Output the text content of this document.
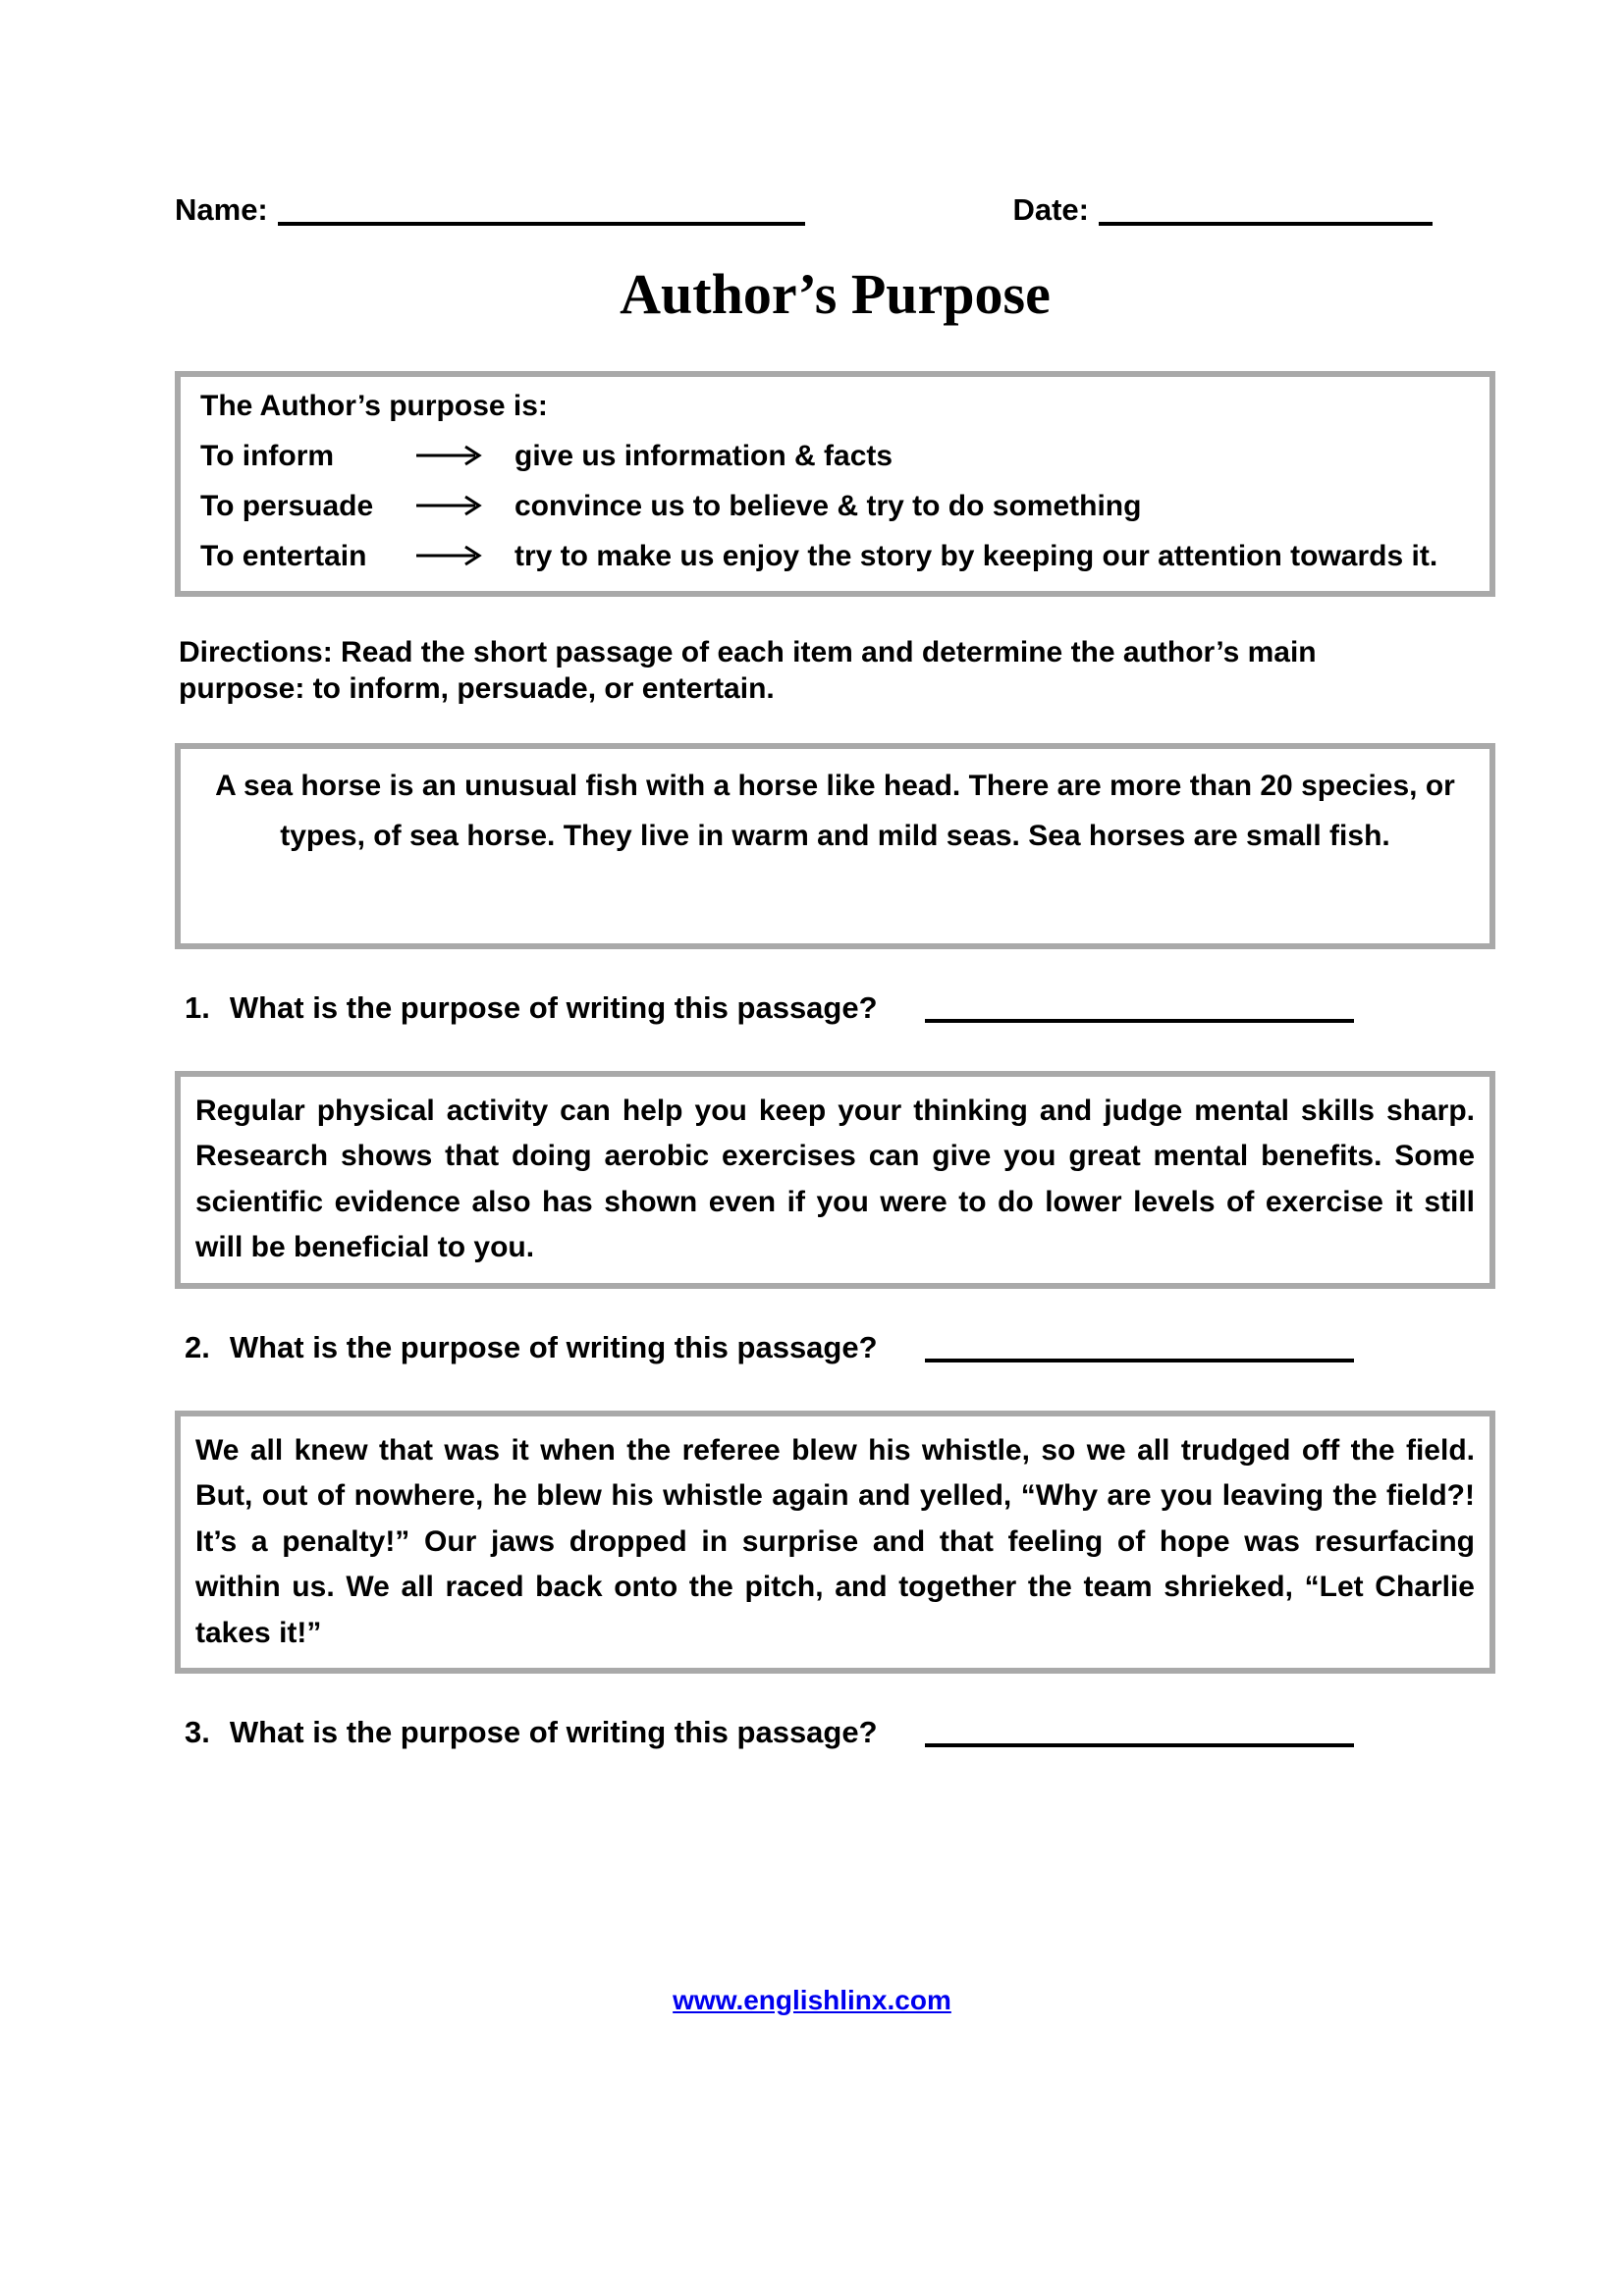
Name:	Date:
Author’s Purpose
The Author’s purpose is:
To inform	give us information & facts
To persuade	convince us to believe & try to do something
To entertain	try to make us enjoy the story by keeping our attention towards it.

Directions: Read the short passage of each item and determine the author’s main purpose: to inform, persuade, or entertain.

A sea horse is an unusual fish with a horse like head. There are more than 20 species, or types, of sea horse. They live in warm and mild seas. Sea horses are small fish.

1. What is the purpose of writing this passage?

Regular physical activity can help you keep your thinking and judge mental skills sharp. Research shows that doing aerobic exercises can give you great mental benefits. Some scientific evidence also has shown even if you were to do lower levels of exercise it still will be beneficial to you.

2. What is the purpose of writing this passage?

We all knew that was it when the referee blew his whistle, so we all trudged off the field. But, out of nowhere, he blew his whistle again and yelled, “Why are you leaving the field?! It’s a penalty!” Our jaws dropped in surprise and that feeling of hope was resurfacing within us. We all raced back onto the pitch, and together the team shrieked, “Let Charlie takes it!”

3. What is the purpose of writing this passage?
www.englishlinx.com
